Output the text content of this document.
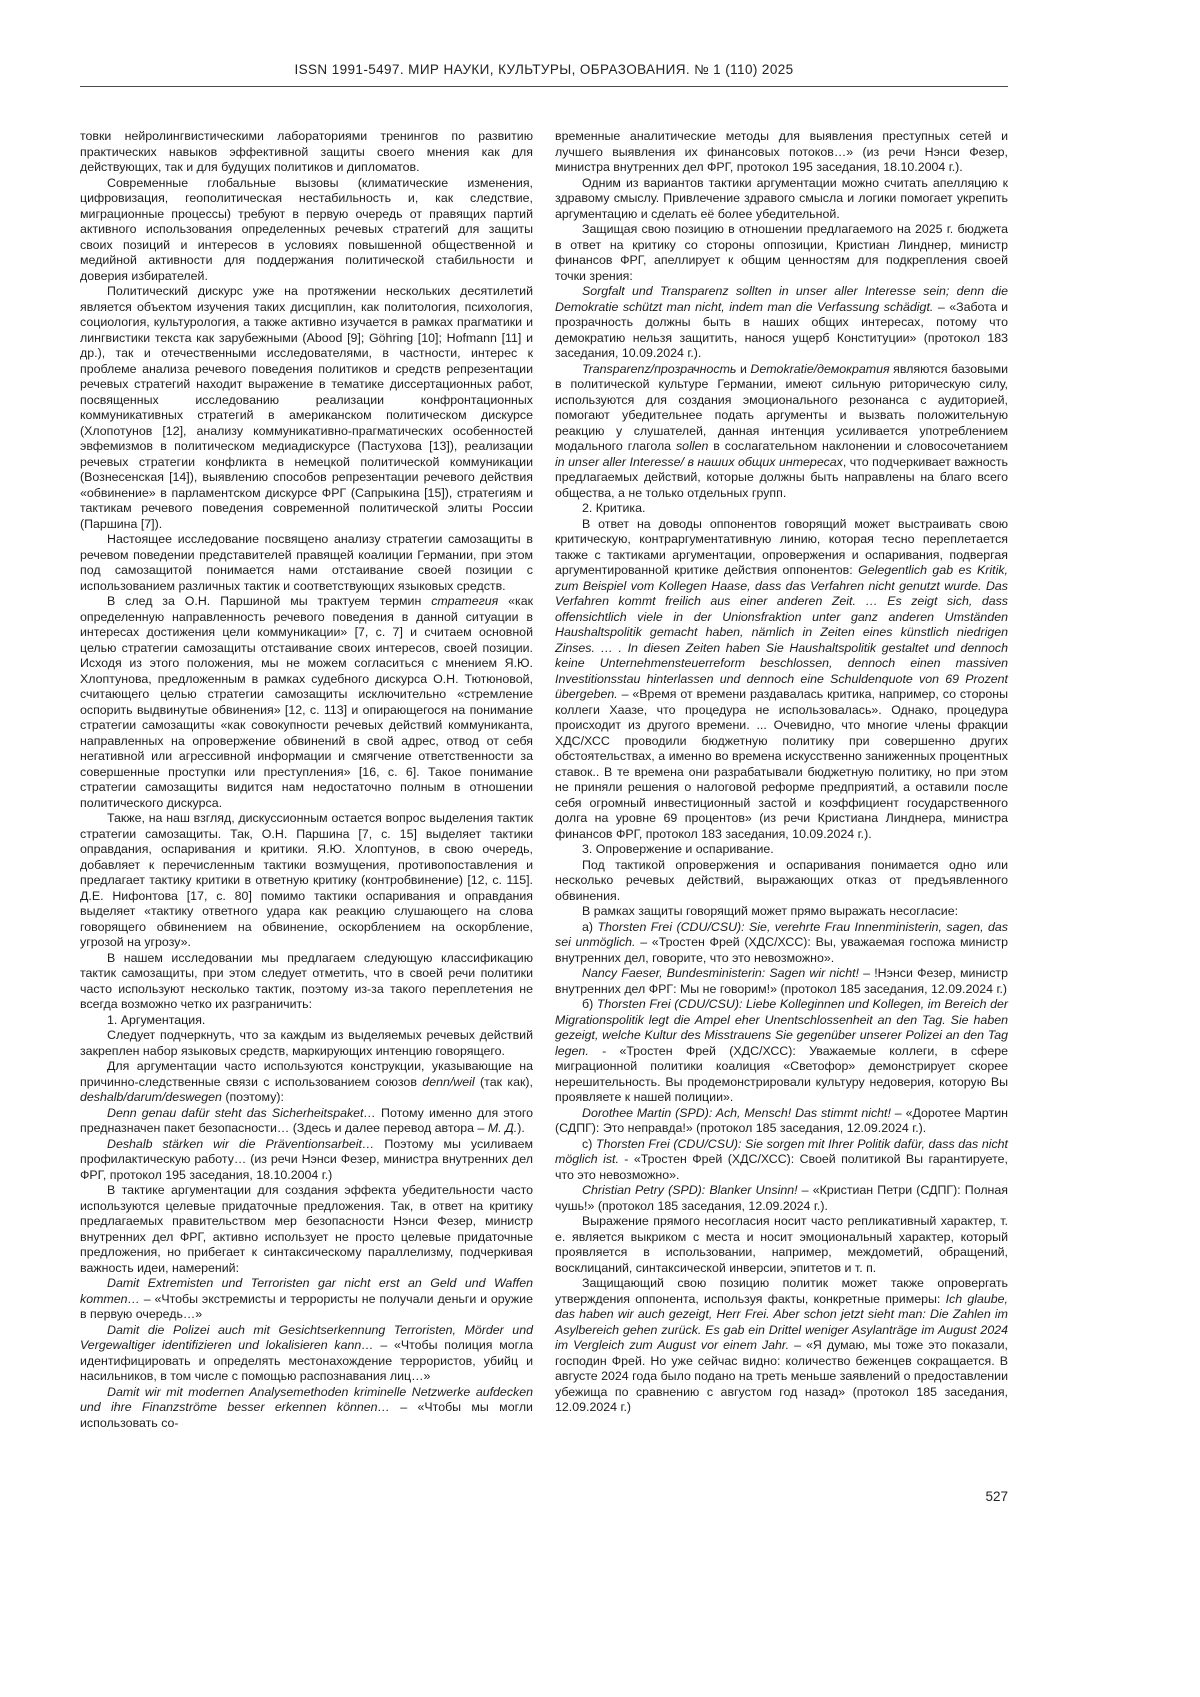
ISSN 1991-5497. МИР НАУКИ, КУЛЬТУРЫ, ОБРАЗОВАНИЯ. № 1 (110) 2025

товки нейролингвистическими лабораториями тренингов по развитию практических навыков эффективной защиты своего мнения как для действующих, так и для будущих политиков и дипломатов.

Современные глобальные вызовы (климатические изменения, цифровизация, геополитическая нестабильность и, как следствие, миграционные процессы) требуют в первую очередь от правящих партий активного использования определенных речевых стратегий для защиты своих позиций и интересов в условиях повышенной общественной и медийной активности для поддержания политической стабильности и доверия избирателей.

Политический дискурс уже на протяжении нескольких десятилетий является объектом изучения таких дисциплин, как политология, психология, социология, культурология, а также активно изучается в рамках прагматики и лингвистики текста как зарубежными (Abood [9]; Göhring [10]; Hofmann [11] и др.), так и отечественными исследователями, в частности, интерес к проблеме анализа речевого поведения политиков и средств репрезентации речевых стратегий находит выражение в тематике диссертационных работ, посвященных исследованию реализации конфронтационных коммуникативных стратегий в американском политическом дискурсе (Хлопотунов [12], анализу коммуникативно-прагматических особенностей эвфемизмов в политическом медиадискурсе (Пастухова [13]), реализации речевых стратегии конфликта в немецкой политической коммуникации (Вознесенская [14]), выявлению способов репрезентации речевого действия «обвинение» в парламентском дискурсе ФРГ (Сапрыкина [15]), стратегиям и тактикам речевого поведения современной политической элиты России (Паршина [7]).

Настоящее исследование посвящено анализу стратегии самозащиты в речевом поведении представителей правящей коалиции Германии, при этом под самозащитой понимается нами отстаивание своей позиции с использованием различных тактик и соответствующих языковых средств.

В след за О.Н. Паршиной мы трактуем термин стратегия «как определенную направленность речевого поведения в данной ситуации в интересах достижения цели коммуникации» [7, с. 7] и считаем основной целью стратегии самозащиты отстаивание своих интересов, своей позиции. Исходя из этого положения, мы не можем согласиться с мнением Я.Ю. Хлоптунова, предложенным в рамках судебного дискурса О.Н. Тютюновой, считающего целью стратегии самозащиты исключительно «стремление оспорить выдвинутые обвинения» [12, с. 113] и опирающегося на понимание стратегии самозащиты «как совокупности речевых действий коммуниканта, направленных на опровержение обвинений в свой адрес, отвод от себя негативной или агрессивной информации и смягчение ответственности за совершенные проступки или преступления» [16, с. 6]. Такое понимание стратегии самозащиты видится нам недостаточно полным в отношении политического дискурса.

Также, на наш взгляд, дискуссионным остается вопрос выделения тактик стратегии самозащиты. Так, О.Н. Паршина [7, с. 15] выделяет тактики оправдания, оспаривания и критики. Я.Ю. Хлоптунов, в свою очередь, добавляет к перечисленным тактики возмущения, противопоставления и предлагает тактику критики в ответную критику (контробвинение) [12, с. 115]. Д.Е. Нифонтова [17, с. 80] помимо тактики оспаривания и оправдания выделяет «тактику ответного удара как реакцию слушающего на слова говорящего обвинением на обвинение, оскорблением на оскорбление, угрозой на угрозу».

В нашем исследовании мы предлагаем следующую классификацию тактик самозащиты, при этом следует отметить, что в своей речи политики часто используют несколько тактик, поэтому из-за такого переплетения не всегда возможно четко их разграничить:

1. Аргументация.

Следует подчеркнуть, что за каждым из выделяемых речевых действий закреплен набор языковых средств, маркирующих интенцию говорящего.

Для аргументации часто используются конструкции, указывающие на причинно-следственные связи с использованием союзов denn/weil (так как), deshalb/darum/deswegen (поэтому):

Denn genau dafür steht das Sicherheitspaket… Потому именно для этого предназначен пакет безопасности… (Здесь и далее перевод автора – М. Д.).

Deshalb stärken wir die Präventionsarbeit… Поэтому мы усиливаем профилактическую работу… (из речи Нэнси Фезер, министра внутренних дел ФРГ, протокол 195 заседания, 18.10.2004 г.)

В тактике аргументации для создания эффекта убедительности часто используются целевые придаточные предложения. Так, в ответ на критику предлагаемых правительством мер безопасности Нэнси Фезер, министр внутренних дел ФРГ, активно использует не просто целевые придаточные предложения, но прибегает к синтаксическому параллелизму, подчеркивая важность идеи, намерений:

Damit Extremisten und Terroristen gar nicht erst an Geld und Waffen kommen… – «Чтобы экстремисты и террористы не получали деньги и оружие в первую очередь…»

Damit die Polizei auch mit Gesichtserkennung Terroristen, Mörder und Vergewaltiger identifizieren und lokalisieren kann… – «Чтобы полиция могла идентифицировать и определять местонахождение террористов, убийц и насильников, в том числе с помощью распознавания лиц…»

Damit wir mit modernen Analysemethoden kriminelle Netzwerke aufdecken und ihre Finanzströme besser erkennen können… – «Чтобы мы могли использовать со-

временные аналитические методы для выявления преступных сетей и лучшего выявления их финансовых потоков…» (из речи Нэнси Фезер, министра внутренних дел ФРГ, протокол 195 заседания, 18.10.2004 г.).

Одним из вариантов тактики аргументации можно считать апелляцию к здравому смыслу. Привлечение здравого смысла и логики помогает укрепить аргументацию и сделать её более убедительной.

Защищая свою позицию в отношении предлагаемого на 2025 г. бюджета в ответ на критику со стороны оппозиции, Кристиан Линднер, министр финансов ФРГ, апеллирует к общим ценностям для подкрепления своей точки зрения:

Sorgfalt und Transparenz sollten in unser aller Interesse sein; denn die Demokratie schützt man nicht, indem man die Verfassung schädigt. – «Забота и прозрачность должны быть в наших общих интересах, потому что демократию нельзя защитить, нанося ущерб Конституции» (протокол 183 заседания, 10.09.2024 г.).

Transparenz/прозрачность и Demokratie/демократия являются базовыми в политической культуре Германии, имеют сильную риторическую силу, используются для создания эмоционального резонанса с аудиторией, помогают убедительнее подать аргументы и вызвать положительную реакцию у слушателей, данная интенция усиливается употреблением модального глагола sollen в сослагательном наклонении и словосочетанием in unser aller Interesse/ в наших общих интересах, что подчеркивает важность предлагаемых действий, которые должны быть направлены на благо всего общества, а не только отдельных групп.

2. Критика.

В ответ на доводы оппонентов говорящий может выстраивать свою критическую, контраргументативную линию, которая тесно переплетается также с тактиками аргументации, опровержения и оспаривания, подвергая аргументированной критике действия оппонентов: Gelegentlich gab es Kritik, zum Beispiel vom Kollegen Haase, dass das Verfahren nicht genutzt wurde. Das Verfahren kommt freilich aus einer anderen Zeit. … Es zeigt sich, dass offensichtlich viele in der Unionsfraktion unter ganz anderen Umständen Haushaltspolitik gemacht haben, nämlich in Zeiten eines künstlich niedrigen Zinses. … . In diesen Zeiten haben Sie Haushaltspolitik gestaltet und dennoch keine Unternehmensteuerreform beschlossen, dennoch einen massiven Investitionsstau hinterlassen und dennoch eine Schuldenquote von 69 Prozent übergeben. – «Время от времени раздавалась критика, например, со стороны коллеги Хаазе, что процедура не использовалась». Однако, процедура происходит из другого времени. ... Очевидно, что многие члены фракции ХДС/ХСС проводили бюджетную политику при совершенно других обстоятельствах, а именно во времена искусственно заниженных процентных ставок.. В те времена они разрабатывали бюджетную политику, но при этом не приняли решения о налоговой реформе предприятий, а оставили после себя огромный инвестиционный застой и коэффициент государственного долга на уровне 69 процентов» (из речи Кристиана Линднера, министра финансов ФРГ, протокол 183 заседания, 10.09.2024 г.).

3. Опровержение и оспаривание.

Под тактикой опровержения и оспаривания понимается одно или несколько речевых действий, выражающих отказ от предъявленного обвинения.

В рамках защиты говорящий может прямо выражать несогласие:

а) Thorsten Frei (CDU/CSU): Sie, verehrte Frau Innenministerin, sagen, das sei unmöglich. – «Тростен Фрей (ХДС/ХСС): Вы, уважаемая госпожа министр внутренних дел, говорите, что это невозможно».

Nancy Faeser, Bundesministerin: Sagen wir nicht! – !Нэнси Фезер, министр внутренних дел ФРГ: Мы не говорим!» (протокол 185 заседания, 12.09.2024 г.)

б) Thorsten Frei (CDU/CSU): Liebe Kolleginnen und Kollegen, im Bereich der Migrationspolitik legt die Ampel eher Unentschlossenheit an den Tag. Sie haben gezeigt, welche Kultur des Misstrauens Sie gegenüber unserer Polizei an den Tag legen. - «Тростен Фрей (ХДС/ХСС): Уважаемые коллеги, в сфере миграционной политики коалиция «Светофор» демонстрирует скорее нерешительность. Вы продемонстрировали культуру недоверия, которую Вы проявляете к нашей полиции».

Dorothee Martin (SPD): Ach, Mensch! Das stimmt nicht! – «Доротее Мартин (СДПГ): Это неправда!» (протокол 185 заседания, 12.09.2024 г.).

c) Thorsten Frei (CDU/CSU): Sie sorgen mit Ihrer Politik dafür, dass das nicht möglich ist. - «Тростен Фрей (ХДС/ХСС): Своей политикой Вы гарантируете, что это невозможно».

Christian Petry (SPD): Blanker Unsinn! – «Кристиан Петри (СДПГ): Полная чушь!» (протокол 185 заседания, 12.09.2024 г.).

Выражение прямого несогласия носит часто репликативный характер, т. е. является выкриком с места и носит эмоциональный характер, который проявляется в использовании, например, междометий, обращений, восклицаний, синтаксической инверсии, эпитетов и т. п.

Защищающий свою позицию политик может также опровергать утверждения оппонента, используя факты, конкретные примеры: Ich glaube, das haben wir auch gezeigt, Herr Frei. Aber schon jetzt sieht man: Die Zahlen im Asylbereich gehen zurück. Es gab ein Drittel weniger Asylanträge im August 2024 im Vergleich zum August vor einem Jahr. – «Я думаю, мы тоже это показали, господин Фрей. Но уже сейчас видно: количество беженцев сокращается. В августе 2024 года было подано на треть меньше заявлений о предоставлении убежища по сравнению с августом год назад» (протокол 185 заседания, 12.09.2024 г.)

527
